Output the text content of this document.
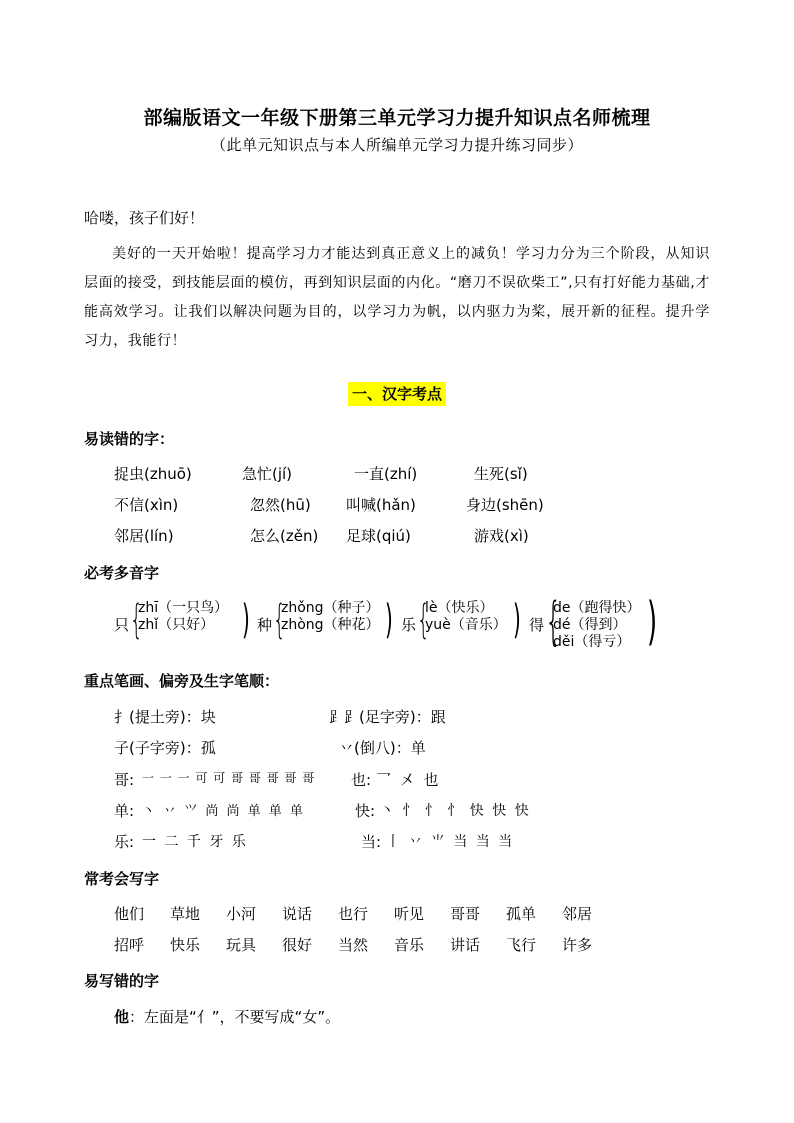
部编版语文一年级下册第三单元学习力提升知识点名师梳理
（此单元知识点与本人所编单元学习力提升练习同步）
哈喽，孩子们好！
美好的一天开始啦！提高学习力才能达到真正意义上的减负！学习力分为三个阶段，从知识层面的接受，到技能层面的模仿，再到知识层面的内化。“磨刀不误砍柴工”,只有打好能力基础,才能高效学习。让我们以解决问题为目的，以学习力为帆，以内驱力为桨，展开新的征程。提升学习力，我能行！
一、汉字考点
易读错的字：
捉虫(zhuō)	急忙(jí)	一直(zhí)	生死(sǐ)
不信(xìn)	忽然(hū) 叫喊(hǎn)	身边(shēn)
邻居(lín)	怎么(zěn) 足球(qiú)	游戏(xì)
必考多音字
只 {
zhī（一只鸟）
zhǐ（只好） ) 种 {
zhǒng（种子）
zhòng（种花） ) 乐 {
lè（快乐）
yuè（音乐） ) 得 {
de（跑得快）
dé（得到）
děi（得亏） )
重点笔画、偏旁及生字笔顺：
扌(提土旁)：块	⻊⻊(足字旁)：跟
子(子字旁)：孤	丷(倒八)：单
哥: 一 一 一 可 可 哥 哥 哥 哥 哥 也: 乛 㐅 也
单: 丶 丷 ⺍ 尚 尚 单 单 单	快: 丶 忄 忄 忄 快 快 快
乐: 一 二 千 牙 乐	当: 丨 丷 ⺌ 当 当 当
常考会写字
他们 草地 小河 说话 也行 听见 哥哥 孤单 邻居
招呼 快乐 玩具 很好 当然 音乐 讲话 飞行 许多
易写错的字
他：左面是“亻”，不要写成“女”。
